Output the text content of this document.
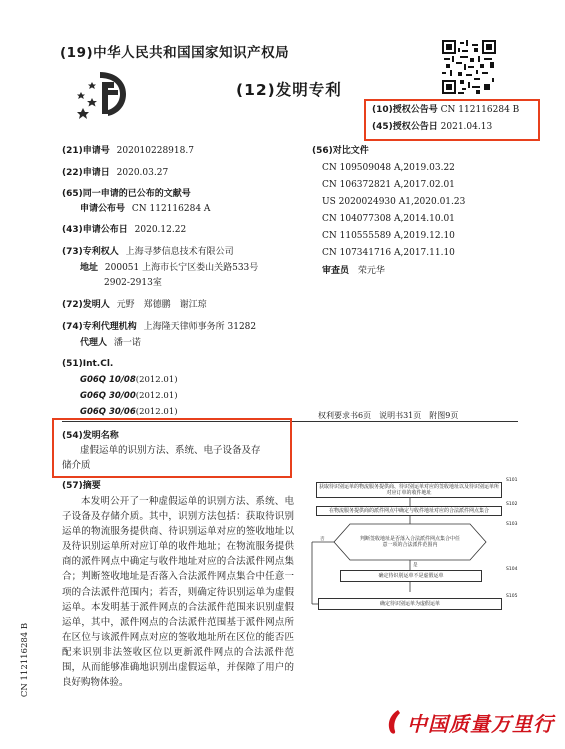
(19)中华人民共和国国家知识产权局
(12)发明专利
(10)授权公告号 CN 112116284 B
(45)授权公告日 2021.04.13
(21)申请号 202010228918.7
(22)申请日 2020.03.27
(65)同一申请的已公布的文献号
申请公布号 CN 112116284 A
(43)申请公布日 2020.12.22
(73)专利权人 上海寻梦信息技术有限公司
地址 200051 上海市长宁区娄山关路533号
2902-2913室
(72)发明人 元野　郑德鹏　谢江琼
(74)专利代理机构 上海隆天律师事务所 31282
代理人 潘一诺
(51)Int.Cl.
G06Q 10/08(2012.01)
G06Q 30/00(2012.01)
G06Q 30/06(2012.01)
(56)对比文件
CN 109509048 A,2019.03.22
CN 106372821 A,2017.02.01
US 2020024930 A1,2020.01.23
CN 104077308 A,2014.10.01
CN 110555589 A,2019.12.10
CN 107341716 A,2017.11.10
审查员 荣元华
权利要求书6页　说明书31页　附图9页
(54)发明名称
虚假运单的识别方法、系统、电子设备及存
储介质
(57)摘要

本发明公开了一种虚假运单的识别方法、系统、电子设备及存储介质。其中，识别方法包括：获取待识别运单的物流服务提供商、待识别运单对应的签收地址以及待识别运单所对应订单的收件地址；在物流服务提供商的派件网点中确定与收件地址对应的合法派件网点集合；判断签收地址是否落入合法派件网点集合中任意一项的合法派件范围内；若否，则确定待识别运单为虚假运单。本发明基于派件网点的合法派件范围来识别虚假运单，其中，派件网点的合法派件范围基于派件网点所在区位与该派件网点对应的签收地址所在区位的能否匹配来识别非法签收区位以更新派件网点的合法派件范围，从而能够准确地识别出虚假运单，并保障了用户的良好购物体验。

获取待识别运单的物流服务提供商、待识别运单对应的签收地址以及待识别运单所对应订单的收件地址
S101
在物流服务提供商的派件网点中确定与收件地址对应的合法派件网点集合
S102
判断签收地址是否落入合法派件网点集合中任意一项的合法派件范围内
S103
否
是
确定待识别运单不是虚假运单
S104
确定待识别运单为虚假运单
S105
CN 112116284 B
中国质量万里行
